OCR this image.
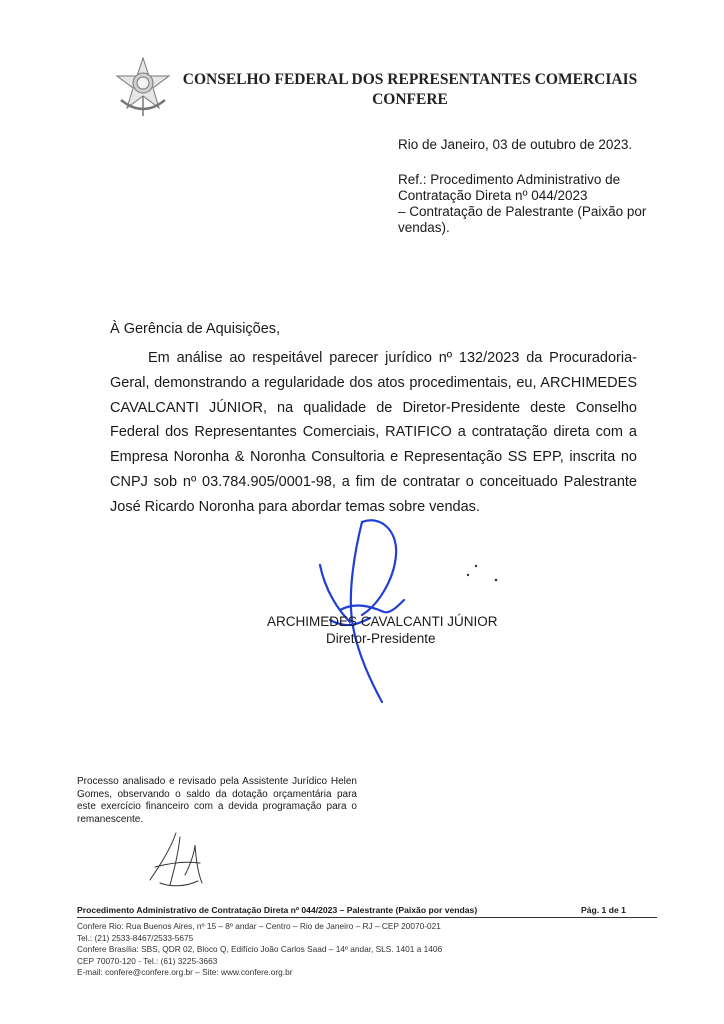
CONSELHO FEDERAL DOS REPRESENTANTES COMERCIAIS
CONFERE
Rio de Janeiro, 03 de outubro de 2023.
Ref.: Procedimento Administrativo de
Contratação Direta nº 044/2023
– Contratação de Palestrante (Paixão por
vendas).
À Gerência de Aquisições,

Em análise ao respeitável parecer jurídico nº 132/2023 da Procuradoria-Geral, demonstrando a regularidade dos atos procedimentais, eu, ARCHIMEDES CAVALCANTI JÚNIOR, na qualidade de Diretor-Presidente deste Conselho Federal dos Representantes Comerciais, RATIFICO a contratação direta com a Empresa Noronha & Noronha Consultoria e Representação SS EPP, inscrita no CNPJ sob nº 03.784.905/0001-98, a fim de contratar o conceituado Palestrante José Ricardo Noronha para abordar temas sobre vendas.

ARCHIMEDES CAVALCANTI JÚNIOR
Diretor-Presidente
Processo analisado e revisado pela Assistente Jurídico Helen Gomes, observando o saldo da dotação orçamentária para este exercício financeiro com a devida programação para o remanescente.
Procedimento Administrativo de Contratação Direta nº 044/2023 – Palestrante (Paixão por vendas)	Pág. 1 de 1
Confere Rio: Rua Buenos Aires, nº 15 – 8º andar – Centro – Rio de Janeiro – RJ – CEP 20070-021
Tel.: (21) 2533-8467/2533-5675
Confere Brasília: SBS, QDR 02, Bloco Q, Edifício João Carlos Saad – 14º andar, SLS. 1401 a 1406
CEP 70070-120 - Tel.: (61) 3225-3663
E-mail: confere@confere.org.br – Site: www.confere.org.br
